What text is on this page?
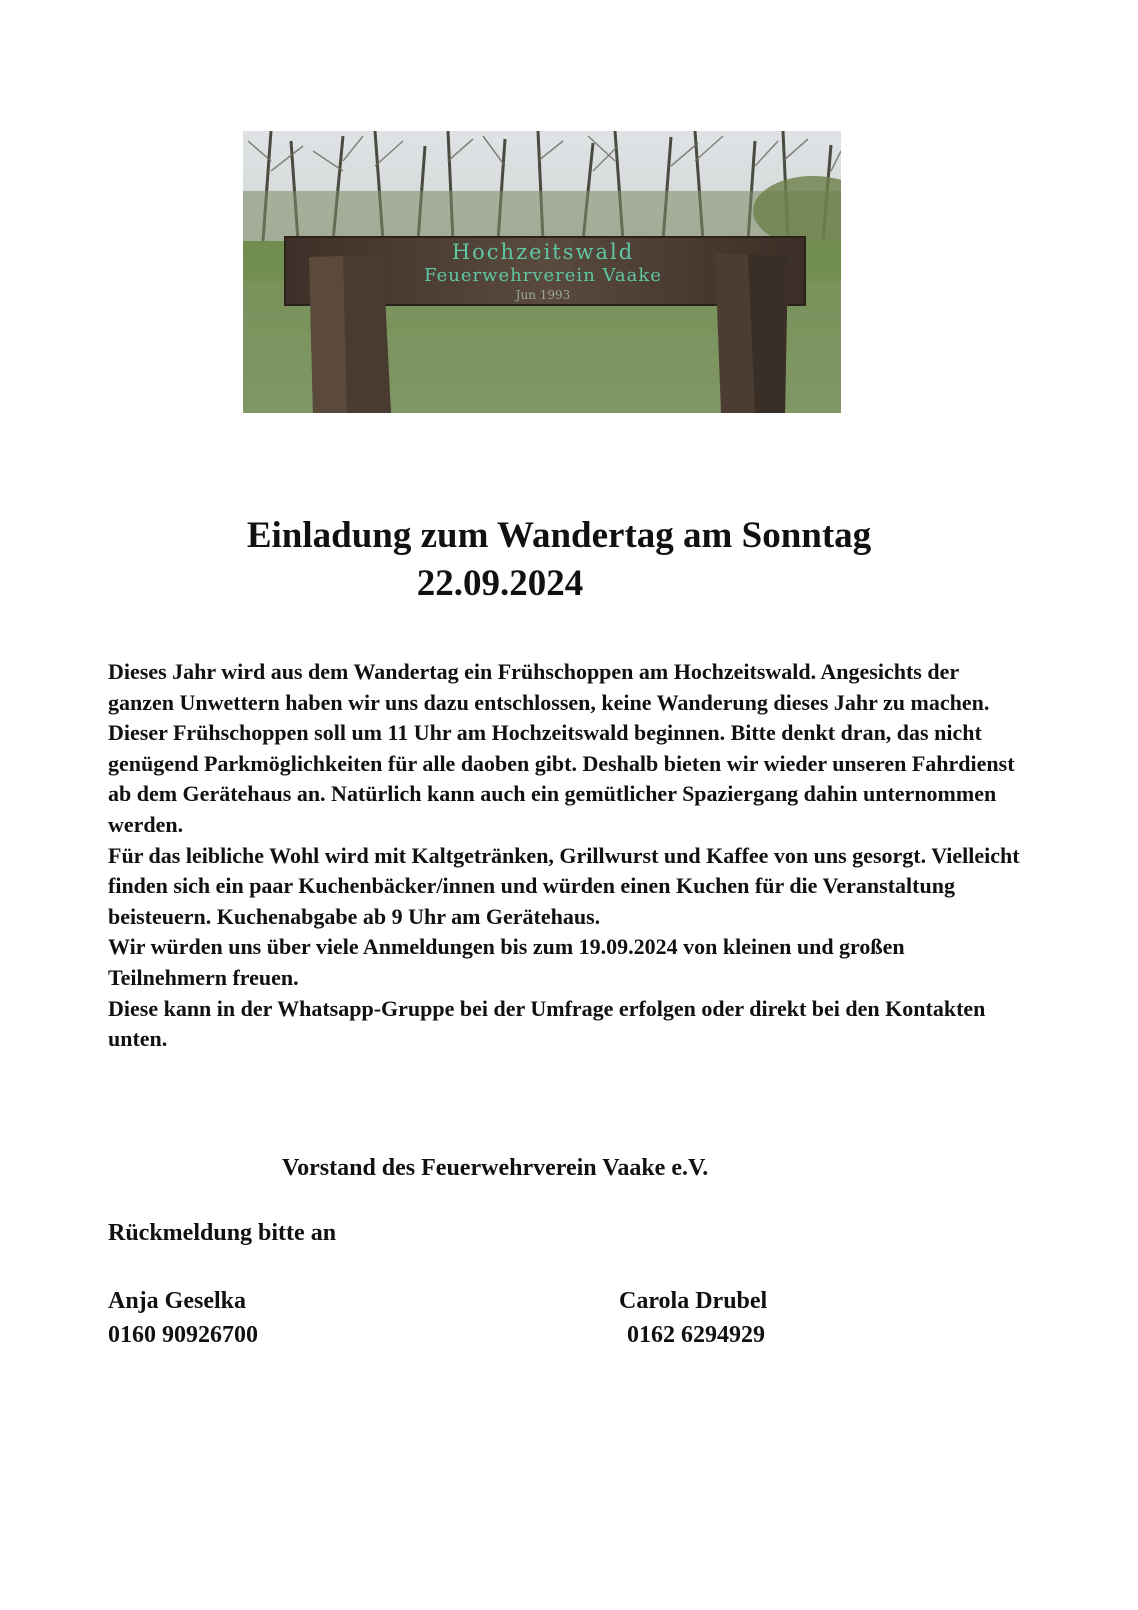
Hochzeitswald
Feuerwehrverein Vaake
Jun 1993
Einladung zum Wandertag am Sonntag
22.09.2024

Dieses Jahr wird aus dem Wandertag ein Frühschoppen am Hochzeitswald. Angesichts der ganzen Unwettern haben wir uns dazu entschlossen, keine Wanderung dieses Jahr zu machen.

Dieser Frühschoppen soll um 11 Uhr am Hochzeitswald beginnen. Bitte denkt dran, das nicht genügend Parkmöglichkeiten für alle daoben gibt. Deshalb bieten wir wieder unseren Fahrdienst ab dem Gerätehaus an. Natürlich kann auch ein gemütlicher Spaziergang dahin unternommen werden.

Für das leibliche Wohl wird mit Kaltgetränken, Grillwurst und Kaffee von uns gesorgt. Vielleicht finden sich ein paar Kuchenbäcker/innen und würden einen Kuchen für die Veranstaltung beisteuern. Kuchenabgabe ab 9 Uhr am Gerätehaus.

Wir würden uns über viele Anmeldungen bis zum 19.09.2024 von kleinen und großen Teilnehmern freuen.

Diese kann in der Whatsapp-Gruppe bei der Umfrage erfolgen oder direkt bei den Kontakten unten.

Vorstand des Feuerwehrverein Vaake e.V.
Rückmeldung bitte an
Anja Geselka
0160 90926700
Carola Drubel
0162 6294929
